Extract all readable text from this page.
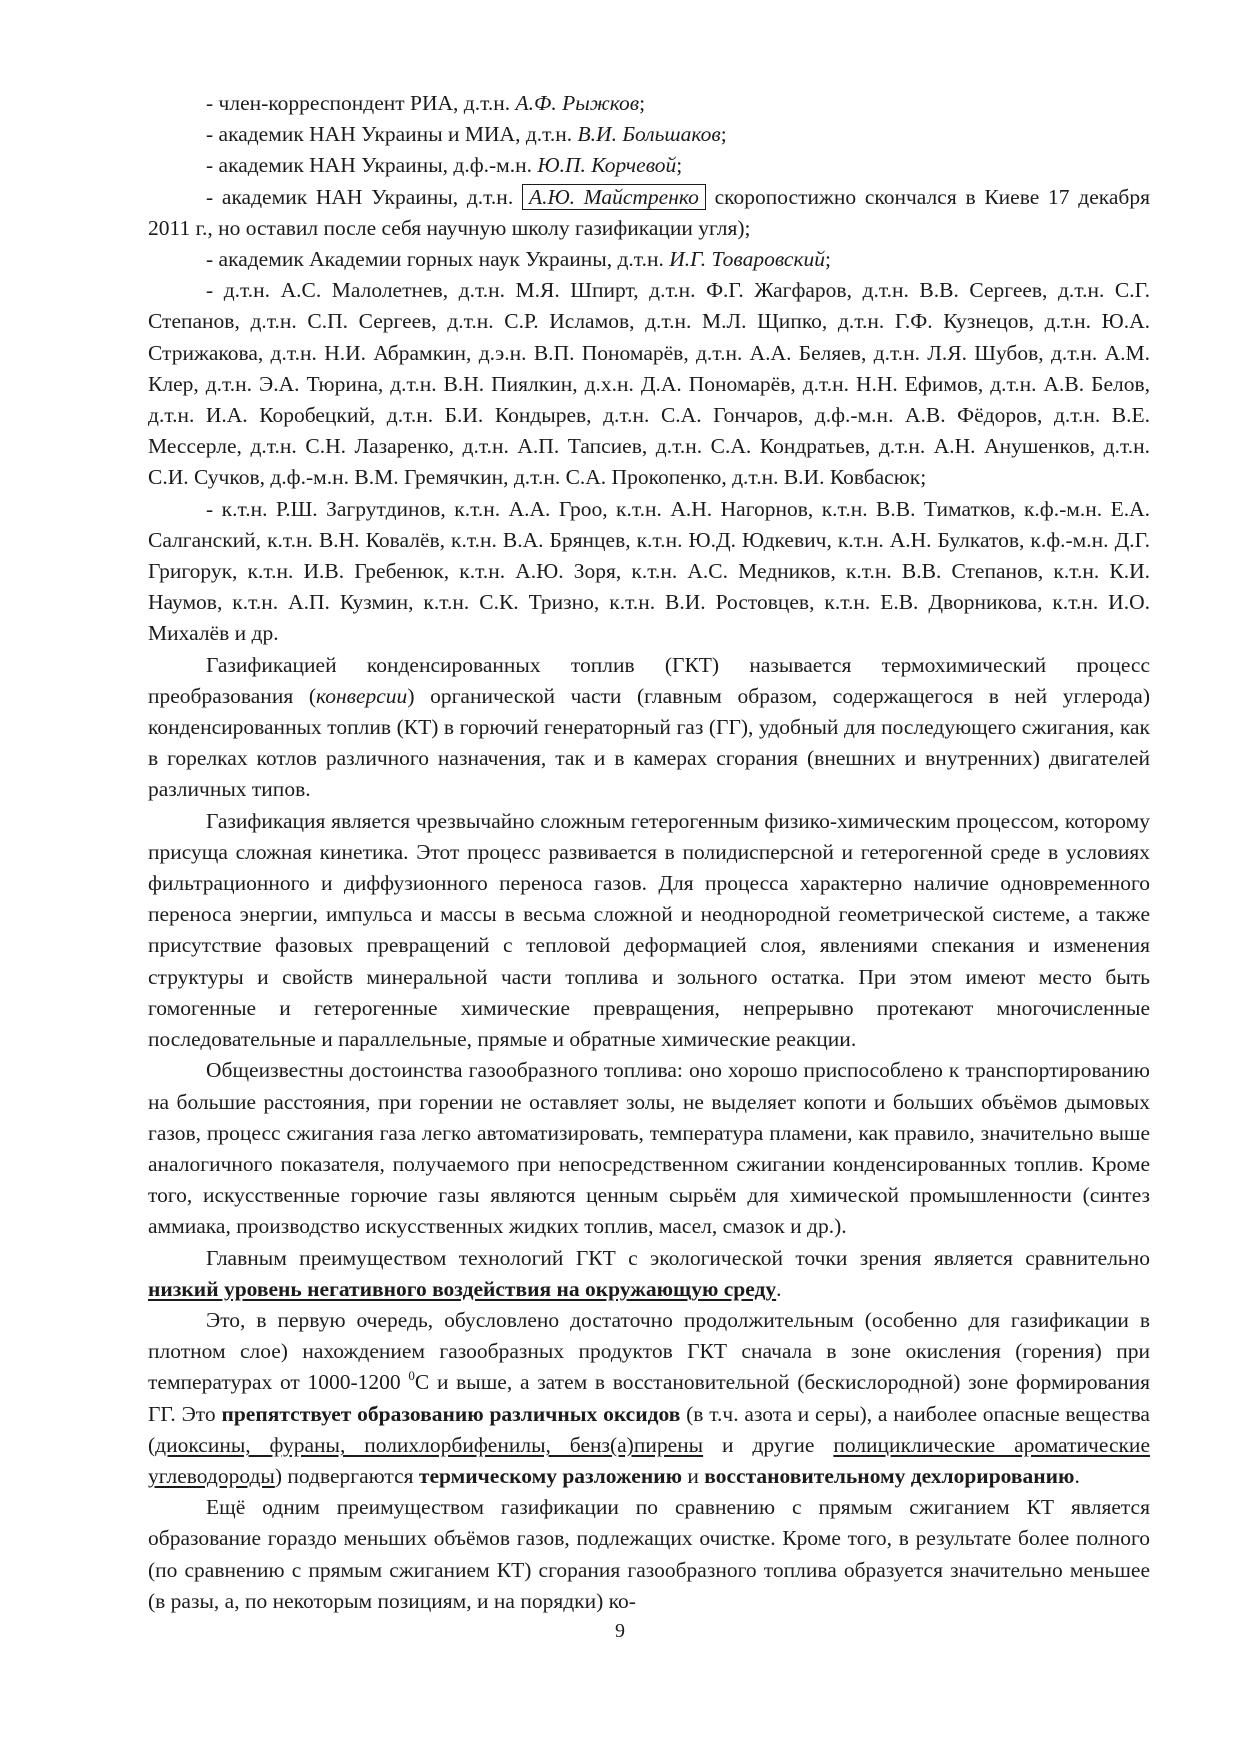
- член-корреспондент РИА, д.т.н. А.Ф. Рыжков;

- академик НАН Украины и МИА, д.т.н. В.И. Большаков;

- академик НАН Украины, д.ф.-м.н. Ю.П. Корчевой;

- академик НАН Украины, д.т.н. А.Ю. Майстренко скоропостижно скончался в Киеве 17 декабря 2011 г., но оставил после себя научную школу газификации угля);

- академик Академии горных наук Украины, д.т.н. И.Г. Товаровский;

- д.т.н. А.С. Малолетнев, д.т.н. М.Я. Шпирт, д.т.н. Ф.Г. Жагфаров, д.т.н. В.В. Сергеев, д.т.н. С.Г. Степанов, д.т.н. С.П. Сергеев, д.т.н. С.Р. Исламов, д.т.н. М.Л. Щипко, д.т.н. Г.Ф. Кузнецов, д.т.н. Ю.А. Стрижакова, д.т.н. Н.И. Абрамкин, д.э.н. В.П. Пономарёв, д.т.н. А.А. Беляев, д.т.н. Л.Я. Шубов, д.т.н. А.М. Клер, д.т.н. Э.А. Тюрина, д.т.н. В.Н. Пиялкин, д.х.н. Д.А. Пономарёв, д.т.н. Н.Н. Ефимов, д.т.н. А.В. Белов, д.т.н. И.А. Коробецкий, д.т.н. Б.И. Кондырев, д.т.н. С.А. Гончаров, д.ф.-м.н. А.В. Фёдоров, д.т.н. В.Е. Мессерле, д.т.н. С.Н. Лазаренко, д.т.н. А.П. Тапсиев, д.т.н. С.А. Кондратьев, д.т.н. А.Н. Анушенков, д.т.н. С.И. Сучков, д.ф.-м.н. В.М. Гремячкин, д.т.н. С.А. Прокопенко, д.т.н. В.И. Ковбасюк;

- к.т.н. Р.Ш. Загрутдинов, к.т.н. А.А. Гроо, к.т.н. А.Н. Нагорнов, к.т.н. В.В. Тиматков, к.ф.-м.н. Е.А. Салганский, к.т.н. В.Н. Ковалёв, к.т.н. В.А. Брянцев, к.т.н. Ю.Д. Юдкевич, к.т.н. А.Н. Булкатов, к.ф.-м.н. Д.Г. Григорук, к.т.н. И.В. Гребенюк, к.т.н. А.Ю. Зоря, к.т.н. А.С. Медников, к.т.н. В.В. Степанов, к.т.н. К.И. Наумов, к.т.н. А.П. Кузмин, к.т.н. С.К. Тризно, к.т.н. В.И. Ростовцев, к.т.н. Е.В. Дворникова, к.т.н. И.О. Михалёв и др.

Газификацией конденсированных топлив (ГКТ) называется термохимический процесс преобразования (конверсии) органической части (главным образом, содержащегося в ней углерода) конденсированных топлив (КТ) в горючий генераторный газ (ГГ), удобный для последующего сжигания, как в горелках котлов различного назначения, так и в камерах сгорания (внешних и внутренних) двигателей различных типов.

Газификация является чрезвычайно сложным гетерогенным физико-химическим процессом, которому присуща сложная кинетика. Этот процесс развивается в полидисперсной и гетерогенной среде в условиях фильтрационного и диффузионного переноса газов. Для процесса характерно наличие одновременного переноса энергии, импульса и массы в весьма сложной и неоднородной геометрической системе, а также присутствие фазовых превращений с тепловой деформацией слоя, явлениями спекания и изменения структуры и свойств минеральной части топлива и зольного остатка. При этом имеют место быть гомогенные и гетерогенные химические превращения, непрерывно протекают многочисленные последовательные и параллельные, прямые и обратные химические реакции.

Общеизвестны достоинства газообразного топлива: оно хорошо приспособлено к транспортированию на большие расстояния, при горении не оставляет золы, не выделяет копоти и больших объёмов дымовых газов, процесс сжигания газа легко автоматизировать, температура пламени, как правило, значительно выше аналогичного показателя, получаемого при непосредственном сжигании конденсированных топлив. Кроме того, искусственные горючие газы являются ценным сырьём для химической промышленности (синтез аммиака, производство искусственных жидких топлив, масел, смазок и др.).

Главным преимуществом технологий ГКТ с экологической точки зрения является сравнительно низкий уровень негативного воздействия на окружающую среду.

Это, в первую очередь, обусловлено достаточно продолжительным (особенно для газификации в плотном слое) нахождением газообразных продуктов ГКТ сначала в зоне окисления (горения) при температурах от 1000-1200 $^0$С и выше, а затем в восстановительной (бескислородной) зоне формирования ГГ. Это препятствует образованию различных оксидов (в т.ч. азота и серы), а наиболее опасные вещества (диоксины, фураны, полихлорбифенилы, бенз(а)пирены и другие полициклические ароматические углеводороды) подвергаются термическому разложению и восстановительному дехлорированию.

Ещё одним преимуществом газификации по сравнению с прямым сжиганием КТ является образование гораздо меньших объёмов газов, подлежащих очистке. Кроме того, в результате более полного (по сравнению с прямым сжиганием КТ) сгорания газообразного топлива образуется значительно меньшее (в разы, а, по некоторым позициям, и на порядки) ко-

9
